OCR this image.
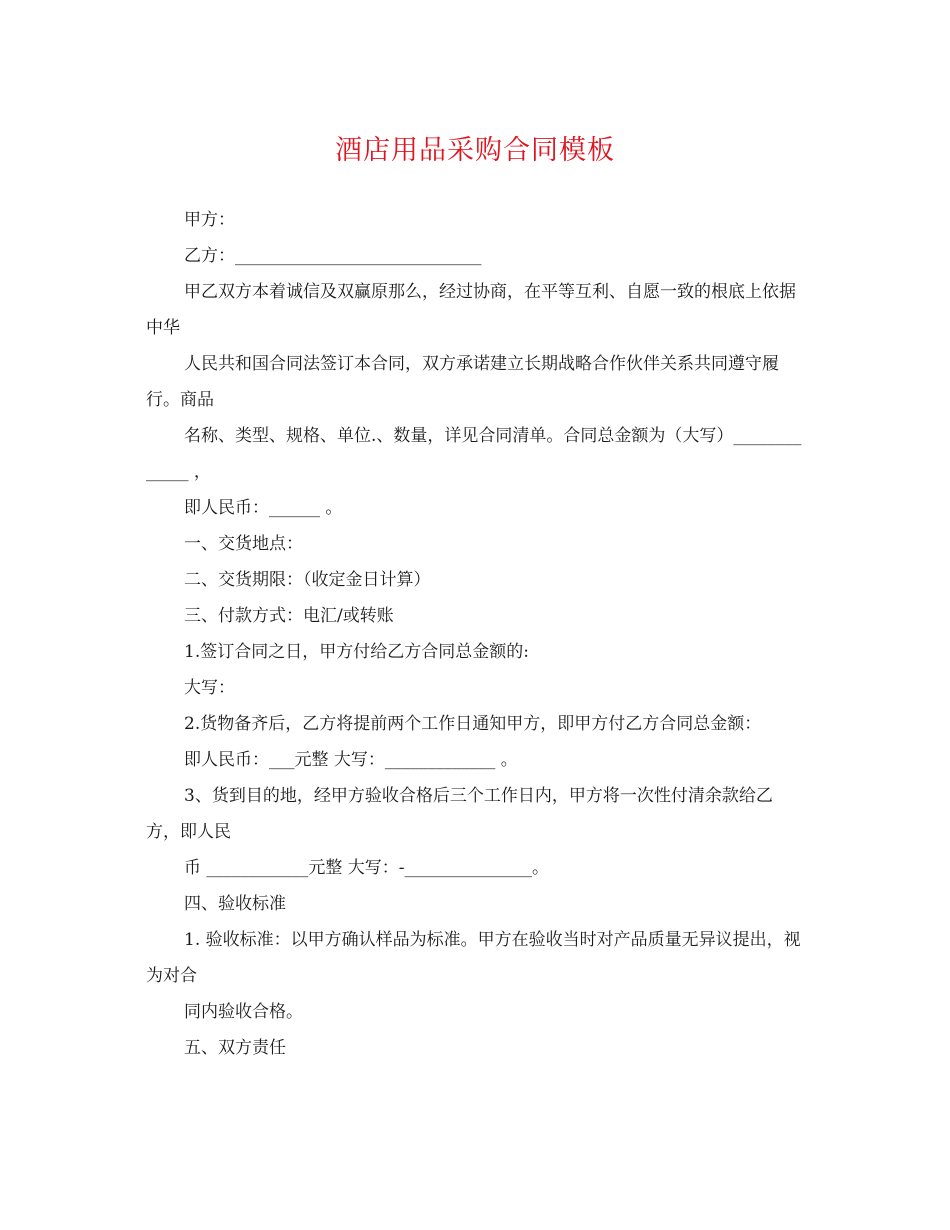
酒店用品采购合同模板

甲方：

乙方：_____________________________

甲乙双方本着诚信及双赢原那么，经过协商，在平等互利、自愿一致的根底上依据中华

人民共和国合同法签订本合同，双方承诺建立长期战略合作伙伴关系共同遵守履行。商品

名称、类型、规格、单位.、数量，详见合同清单。合同总金额为（大写）_____________ ，

即人民币：______ 。

一、交货地点：

二、交货期限：（收定金日计算）

三、付款方式：电汇/或转账

1.签订合同之日，甲方付给乙方合同总金额的:

大写：

2.货物备齐后，乙方将提前两个工作日通知甲方，即甲方付乙方合同总金额：

即人民币：___元整 大写：_____________ 。

3、货到目的地，经甲方验收合格后三个工作日内，甲方将一次性付清余款给乙方，即人民

币 ____________元整 大写：-_______________。

四、验收标准

1. 验收标准：以甲方确认样品为标准。甲方在验收当时对产品质量无异议提出，视为对合

同内验收合格。

五、双方责任
